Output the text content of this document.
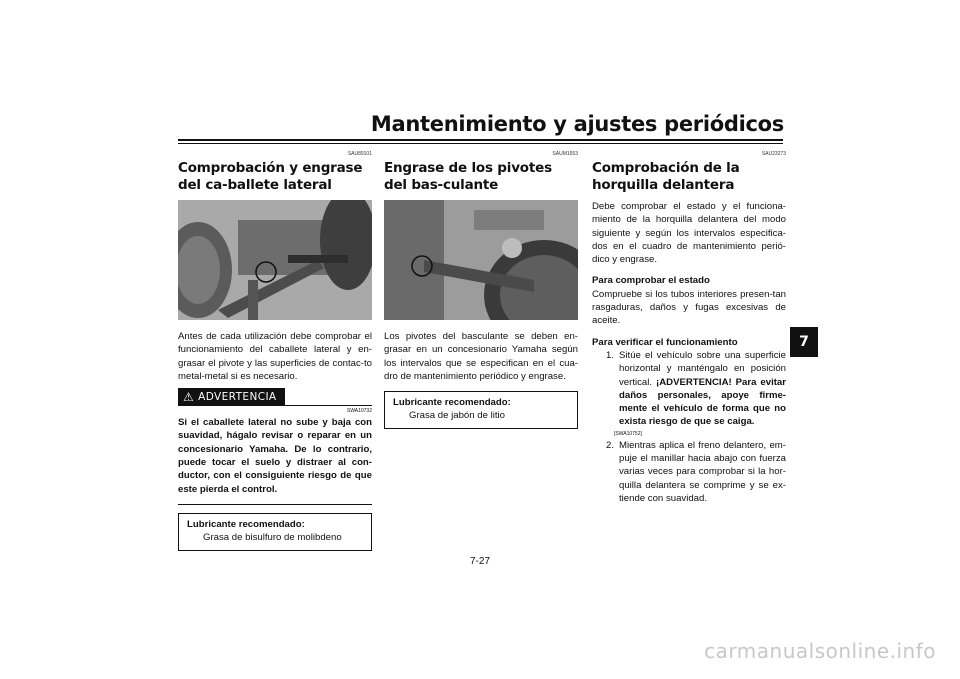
Mantenimiento y ajustes periódicos
7
SAU89101
Comprobación y engrase del ca-ballete lateral

Antes de cada utilización debe comprobar el funcionamiento del caballete lateral y en-grasar el pivote y las superficies de contac-to metal-metal si es necesario.

⚠ ADVERTENCIA
SWA10732

Si el caballete lateral no sube y baja con suavidad, hágalo revisar o reparar en un concesionario Yamaha. De lo contrario, puede tocar el suelo y distraer al con-ductor, con el consiguiente riesgo de que este pierda el control.

Lubricante recomendado:
Grasa de bisulfuro de molibdeno
SAUM1653
Engrase de los pivotes del bas-culante

Los pivotes del basculante se deben en-grasar en un concesionario Yamaha según los intervalos que se especifican en el cua-dro de mantenimiento periódico y engrase.

Lubricante recomendado:
Grasa de jabón de litio
SAU23273
Comprobación de la horquilla delantera

Debe comprobar el estado y el funciona-miento de la horquilla delantera del modo siguiente y según los intervalos especifica-dos en el cuadro de mantenimiento perió-dico y engrase.

Para comprobar el estado

Compruebe si los tubos interiores presen-tan rasgaduras, daños y fugas excesivas de aceite.

Para verificar el funcionamiento
1. Sitúe el vehículo sobre una superficie horizontal y manténgalo en posición vertical. ¡ADVERTENCIA! Para evitar daños personales, apoye firme-mente el vehículo de forma que no exista riesgo de que se caiga.
[SWA10752]
2. Mientras aplica el freno delantero, em-puje el manillar hacia abajo con fuerza varias veces para comprobar si la hor-quilla delantera se comprime y se ex-tiende con suavidad.
7-27
carmanualsonline.info
